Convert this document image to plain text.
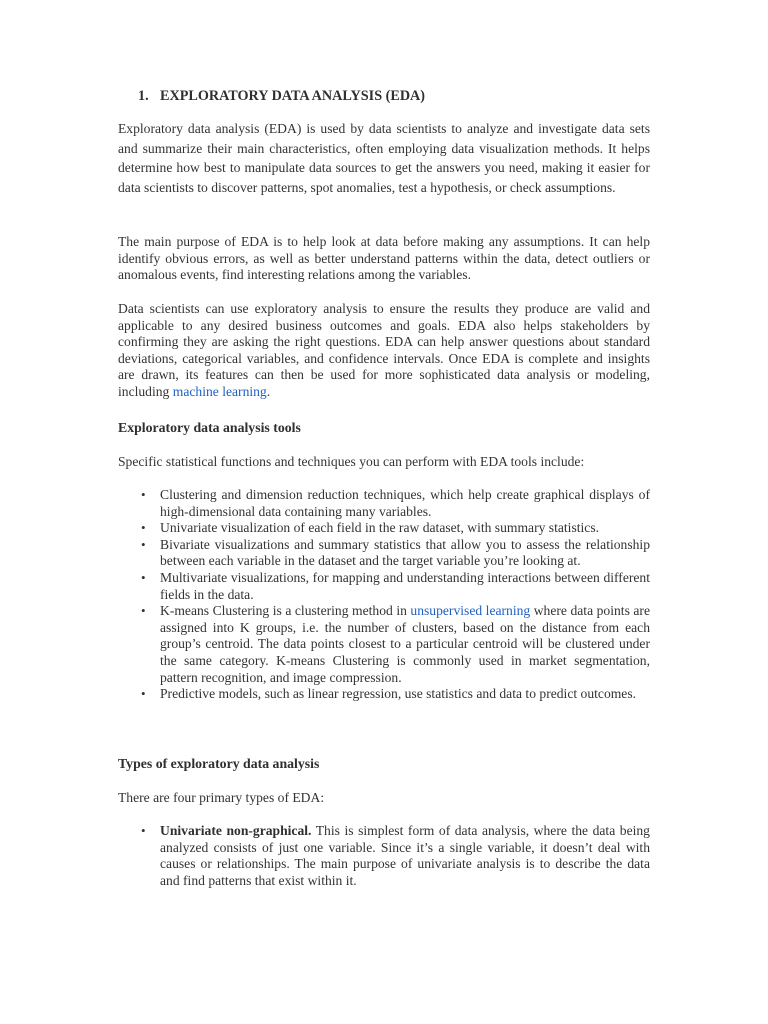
1. EXPLORATORY DATA ANALYSIS (EDA)

Exploratory data analysis (EDA) is used by data scientists to analyze and investigate data sets and summarize their main characteristics, often employing data visualization methods. It helps determine how best to manipulate data sources to get the answers you need, making it easier for data scientists to discover patterns, spot anomalies, test a hypothesis, or check assumptions.

The main purpose of EDA is to help look at data before making any assumptions. It can help identify obvious errors, as well as better understand patterns within the data, detect outliers or anomalous events, find interesting relations among the variables.

Data scientists can use exploratory analysis to ensure the results they produce are valid and applicable to any desired business outcomes and goals. EDA also helps stakeholders by confirming they are asking the right questions. EDA can help answer questions about standard deviations, categorical variables, and confidence intervals. Once EDA is complete and insights are drawn, its features can then be used for more sophisticated data analysis or modeling, including machine learning.

Exploratory data analysis tools

Specific statistical functions and techniques you can perform with EDA tools include:

• Clustering and dimension reduction techniques, which help create graphical displays of high-dimensional data containing many variables.
• Univariate visualization of each field in the raw dataset, with summary statistics.
• Bivariate visualizations and summary statistics that allow you to assess the relationship between each variable in the dataset and the target variable you’re looking at.
• Multivariate visualizations, for mapping and understanding interactions between different fields in the data.
• K-means Clustering is a clustering method in unsupervised learning where data points are assigned into K groups, i.e. the number of clusters, based on the distance from each group’s centroid. The data points closest to a particular centroid will be clustered under the same category. K-means Clustering is commonly used in market segmentation, pattern recognition, and image compression.
• Predictive models, such as linear regression, use statistics and data to predict outcomes.
Types of exploratory data analysis

There are four primary types of EDA:

• Univariate non-graphical. This is simplest form of data analysis, where the data being analyzed consists of just one variable. Since it’s a single variable, it doesn’t deal with causes or relationships. The main purpose of univariate analysis is to describe the data and find patterns that exist within it.
